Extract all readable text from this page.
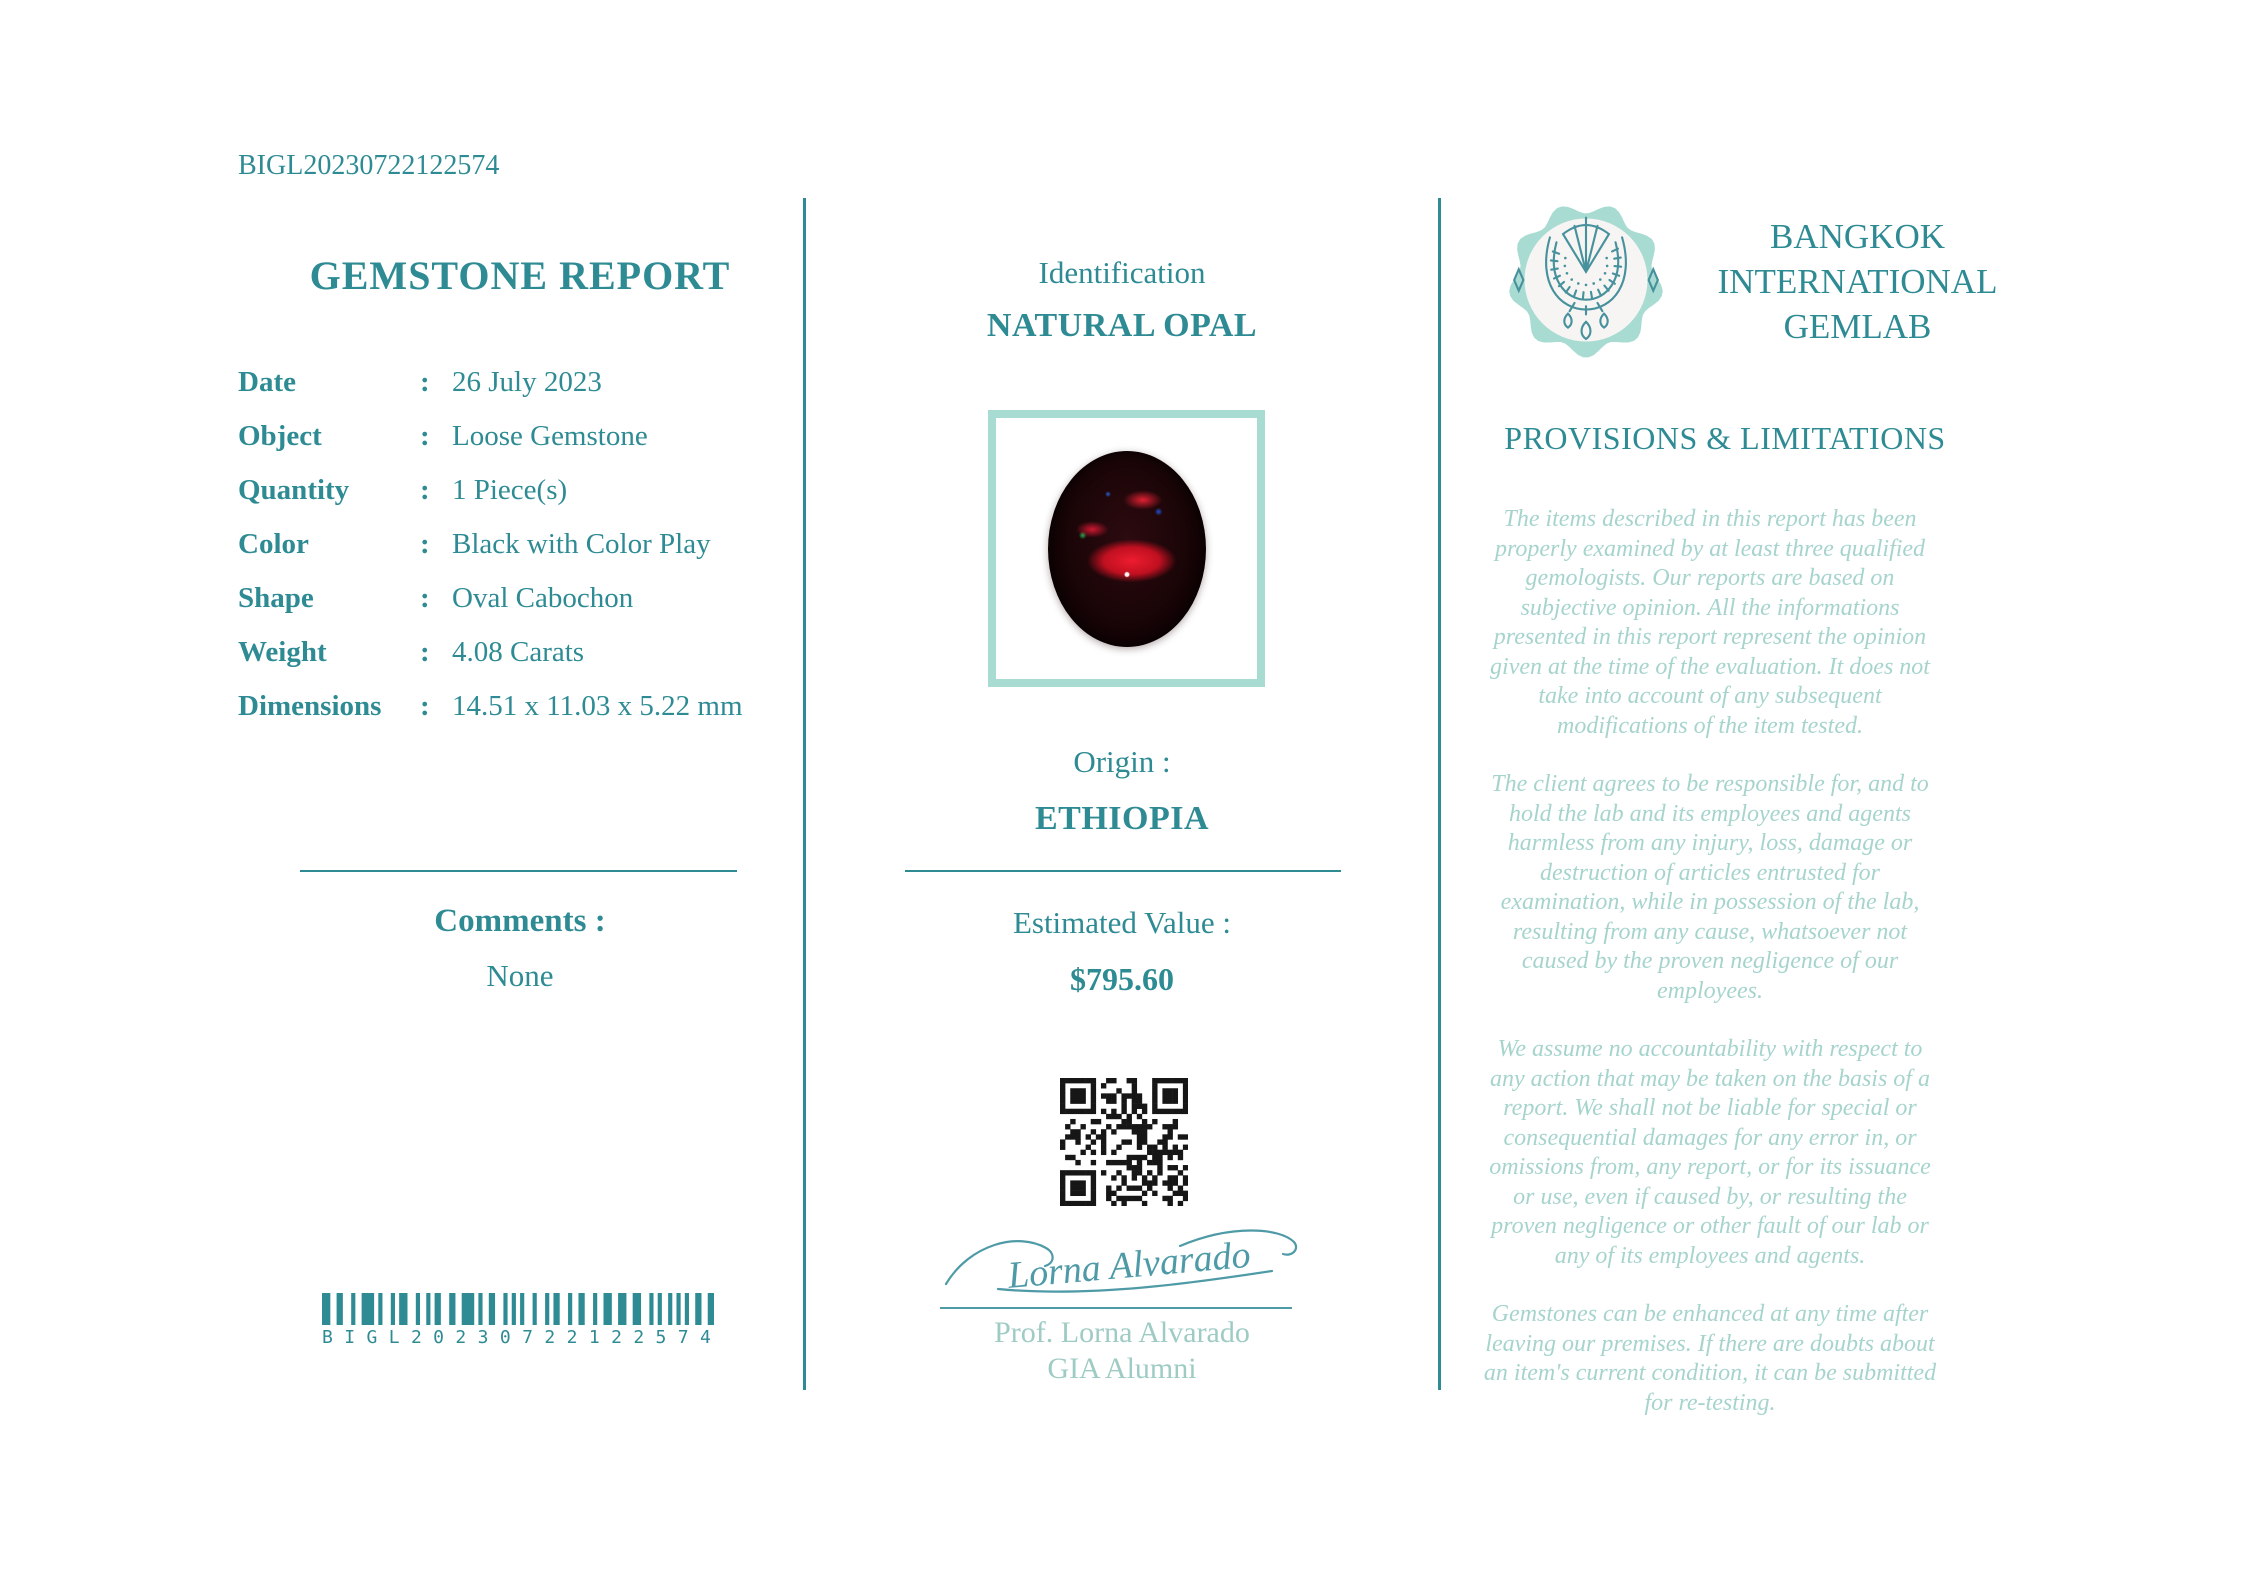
BIGL20230722122574
GEMSTONE REPORT
Date	: 26 July 2023
Object	: Loose Gemstone
Quantity	: 1 Piece(s)
Color	: Black with Color Play
Shape	: Oval Cabochon
Weight	: 4.08 Carats
Dimensions	: 14.51 x 11.03 x 5.22 mm
Comments :
None
BIGL20230722122574
Identification
NATURAL OPAL
Origin :
ETHIOPIA
Estimated Value :
$795.60
Lorna Alvarado
Prof. Lorna Alvarado
GIA Alumni
BANGKOK
INTERNATIONAL
GEMLAB
PROVISIONS & LIMITATIONS

The items described in this report has been properly examined by at least three qualified gemologists. Our reports are based on subjective opinion. All the informations presented in this report represent the opinion given at the time of the evaluation. It does not take into account of any subsequent modifications of the item tested.

The client agrees to be responsible for, and to hold the lab and its employees and agents harmless from any injury, loss, damage or destruction of articles entrusted for examination, while in possession of the lab, resulting from any cause, whatsoever not caused by the proven negligence of our employees.

We assume no accountability with respect to any action that may be taken on the basis of a report. We shall not be liable for special or consequential damages for any error in, or omissions from, any report, or for its issuance or use, even if caused by, or resulting the proven negligence or other fault of our lab or any of its employees and agents.

Gemstones can be enhanced at any time after leaving our premises. If there are doubts about an item's current condition, it can be submitted for re-testing.
